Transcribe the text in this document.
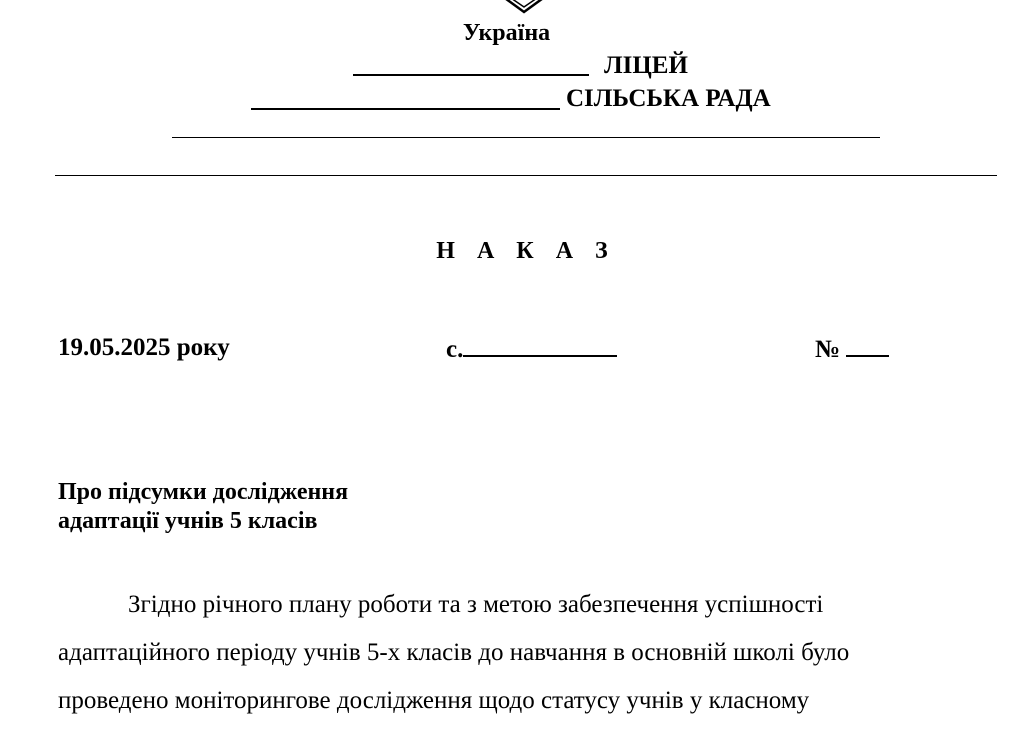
Україна
ЛІЦЕЙ
СІЛЬСЬКА РАДА
Н А К А З
19.05.2025 року	с.	№
Про підсумки дослідження
адаптації учнів 5 класів
Згідно річного плану роботи та з метою забезпечення успішності
адаптаційного періоду учнів 5-х класів до навчання в основній школі було
проведено моніторингове дослідження щодо статусу учнів у класному
